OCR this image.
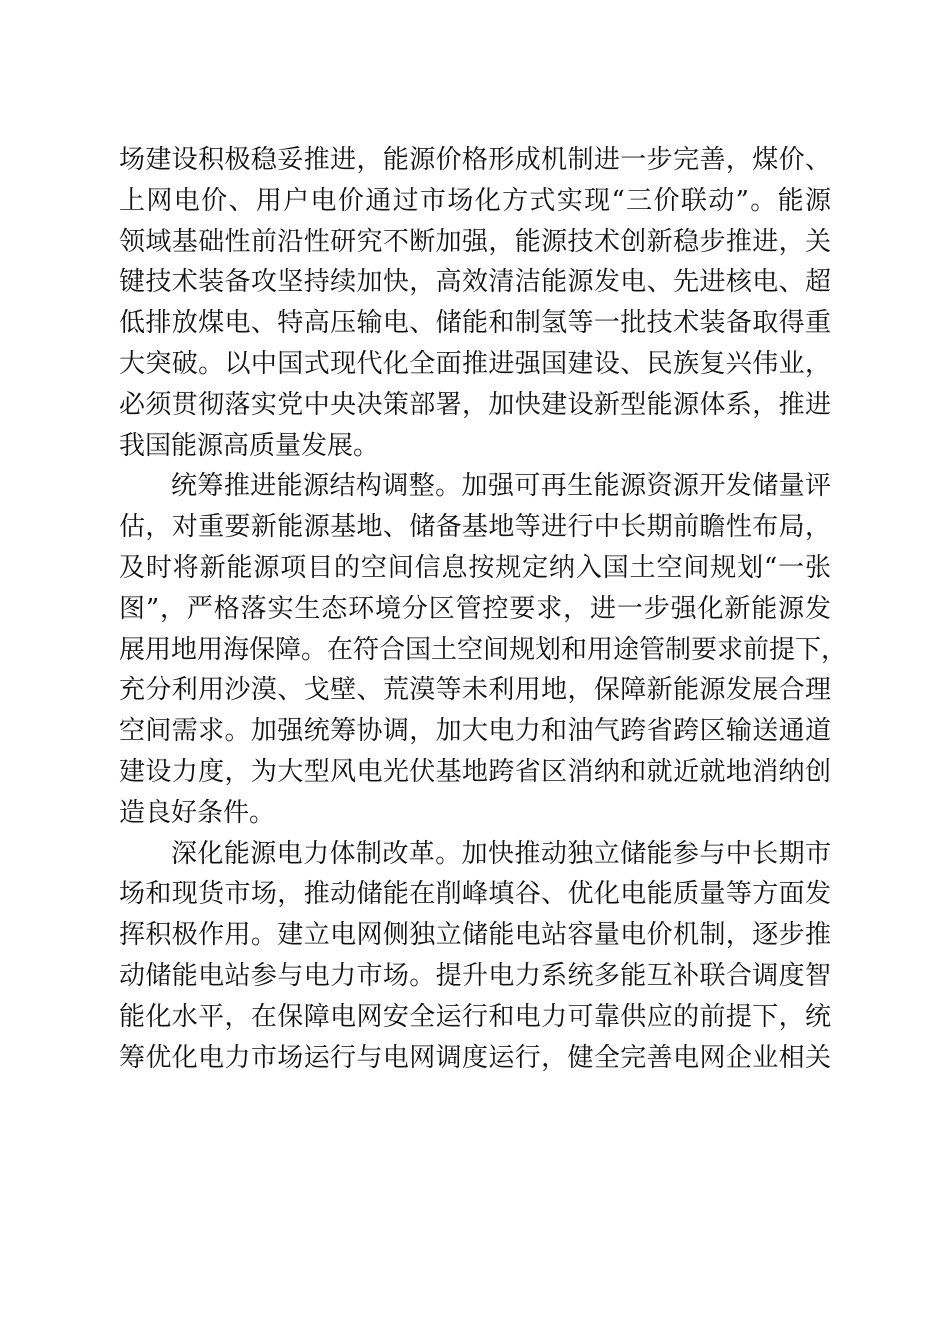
场建设积极稳妥推进，能源价格形成机制进一步完善，煤价、
上网电价、用户电价通过市场化方式实现“三价联动”。能源
领域基础性前沿性研究不断加强，能源技术创新稳步推进，关
键技术装备攻坚持续加快，高效清洁能源发电、先进核电、超
低排放煤电、特高压输电、储能和制氢等一批技术装备取得重
大突破。以中国式现代化全面推进强国建设、民族复兴伟业，
必须贯彻落实党中央决策部署，加快建设新型能源体系，推进
我国能源高质量发展。
统筹推进能源结构调整。加强可再生能源资源开发储量评
估，对重要新能源基地、储备基地等进行中长期前瞻性布局，
及时将新能源项目的空间信息按规定纳入国土空间规划“一张
图”，严格落实生态环境分区管控要求，进一步强化新能源发
展用地用海保障。在符合国土空间规划和用途管制要求前提下，
充分利用沙漠、戈壁、荒漠等未利用地，保障新能源发展合理
空间需求。加强统筹协调，加大电力和油气跨省跨区输送通道
建设力度，为大型风电光伏基地跨省区消纳和就近就地消纳创
造良好条件。
深化能源电力体制改革。加快推动独立储能参与中长期市
场和现货市场，推动储能在削峰填谷、优化电能质量等方面发
挥积极作用。建立电网侧独立储能电站容量电价机制，逐步推
动储能电站参与电力市场。提升电力系统多能互补联合调度智
能化水平，在保障电网安全运行和电力可靠供应的前提下，统
筹优化电力市场运行与电网调度运行，健全完善电网企业相关
